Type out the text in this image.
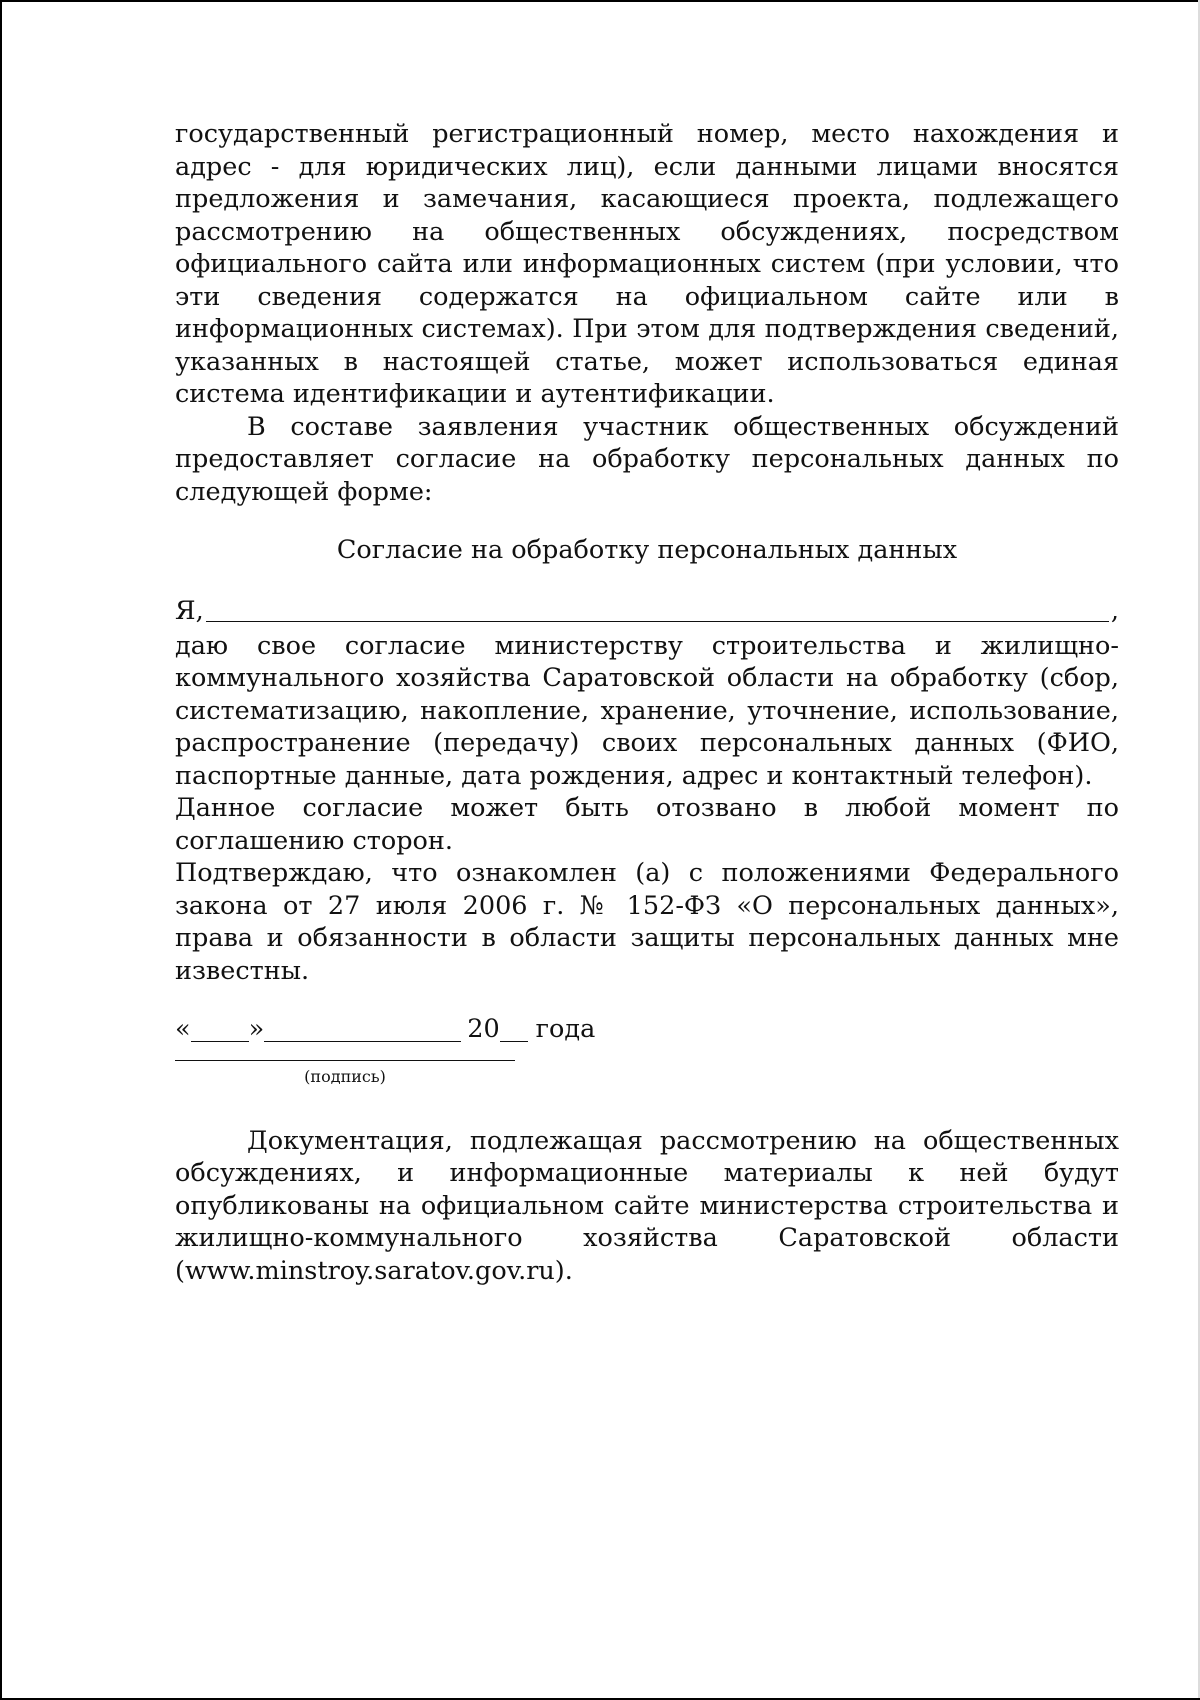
государственный регистрационный номер, место нахождения и адрес - для юридических лиц), если данными лицами вносятся предложения и замечания, касающиеся проекта, подлежащего рассмотрению на общественных обсуждениях, посредством официального сайта или информационных систем (при условии, что эти сведения содержатся на официальном сайте или в информационных системах). При этом для подтверждения сведений, указанных в настоящей статье, может использоваться единая система идентификации и аутентификации.

В составе заявления участник общественных обсуждений предоставляет согласие на обработку персональных данных по следующей форме:

Согласие на обработку персональных данных
Я,	,

даю свое согласие министерству строительства и жилищно-коммунального хозяйства Саратовской области на обработку (сбор, систематизацию, накопление, хранение, уточнение, использование, распространение (передачу) своих персональных данных (ФИО, паспортные данные, дата рождения, адрес и контактный телефон).

Данное согласие может быть отозвано в любой момент по соглашению сторон.

Подтверждаю, что ознакомлен (а) с положениями Федерального закона от 27 июля 2006 г. № 152-ФЗ «О персональных данных», права и обязанности в области защиты персональных данных мне известны.

« »	20 года
(подпись)

Документация, подлежащая рассмотрению на общественных обсуждениях, и информационные материалы к ней будут опубликованы на официальном сайте министерства строительства и жилищно-коммунального хозяйства Саратовской области (www.minstroy.saratov.gov.ru).
